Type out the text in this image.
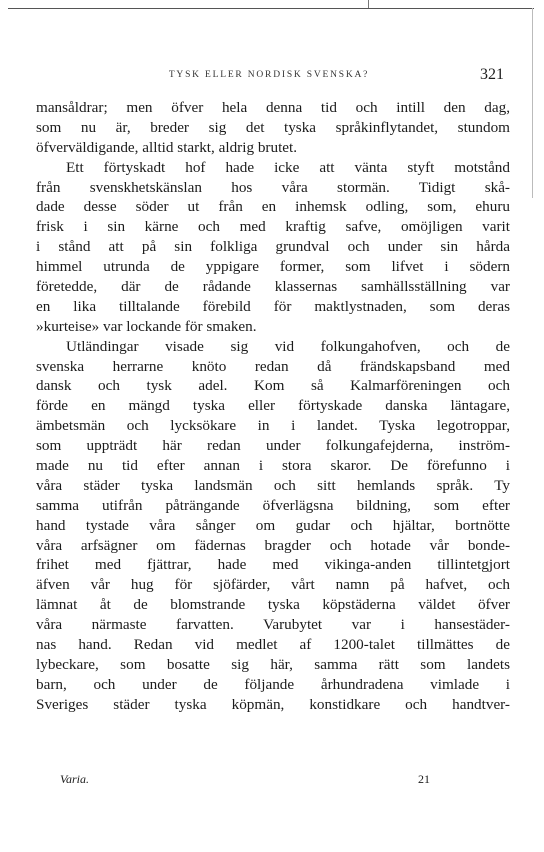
TYSK ELLER NORDISK SVENSKA?	321
mansåldrar; men öfver hela denna tid och intill den dag,
som nu är, breder sig det tyska språkinflytandet, stundom
öfverväldigande, alltid starkt, aldrig brutet.
Ett förtyskadt hof hade icke att vänta styft motstånd
från svenskhetskänslan hos våra stormän. Tidigt skå-
dade desse söder ut från en inhemsk odling, som, ehuru
frisk i sin kärne och med kraftig safve, omöjligen varit
i stånd att på sin folkliga grundval och under sin hårda
himmel utrunda de yppigare former, som lifvet i södern
företedde, där de rådande klassernas samhällsställning var
en lika tilltalande förebild för maktlystnaden, som deras
»kurteise» var lockande för smaken.
Utländingar visade sig vid folkungahofven, och de
svenska herrarne knöto redan då frändskapsband med
dansk och tysk adel. Kom så Kalmarföreningen och
förde en mängd tyska eller förtyskade danska läntagare,
ämbetsmän och lycksökare in i landet. Tyska legotroppar,
som uppträdt här redan under folkungafejderna, inström-
made nu tid efter annan i stora skaror. De förefunno i
våra städer tyska landsmän och sitt hemlands språk. Ty
samma utifrån påträngande öfverlägsna bildning, som efter
hand tystade våra sånger om gudar och hjältar, bortnötte
våra arfsägner om fädernas bragder och hotade vår bonde-
frihet med fjättrar, hade med vikinga-anden tillintetgjort
äfven vår hug för sjöfärder, vårt namn på hafvet, och
lämnat åt de blomstrande tyska köpstäderna väldet öfver
våra närmaste farvatten. Varubytet var i hansestäder-
nas hand. Redan vid medlet af 1200-talet tillmättes de
lybeckare, som bosatte sig här, samma rätt som landets
barn, och under de följande århundradena vimlade i
Sveriges städer tyska köpmän, konstidkare och handtver-
Varia.	21
